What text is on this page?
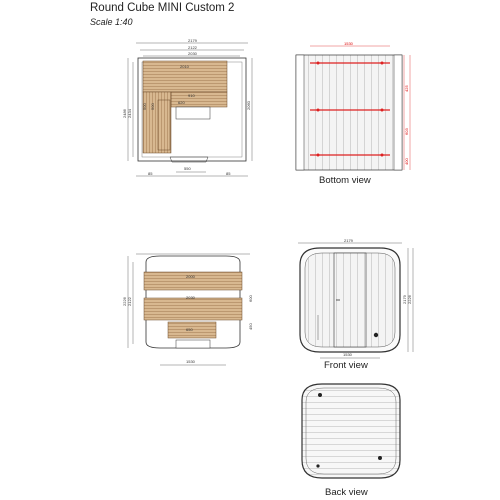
Round Cube MINI Custom 2
Scale 1:40
2179
2122
2030
2010
910
620
550
85	85
2486 2434
2060
500 500
1530
425
603
400
2000
2030
650
1530
2226 2122	600
450
2179
1530
2179 2226
Bottom view
Front view
Back view
